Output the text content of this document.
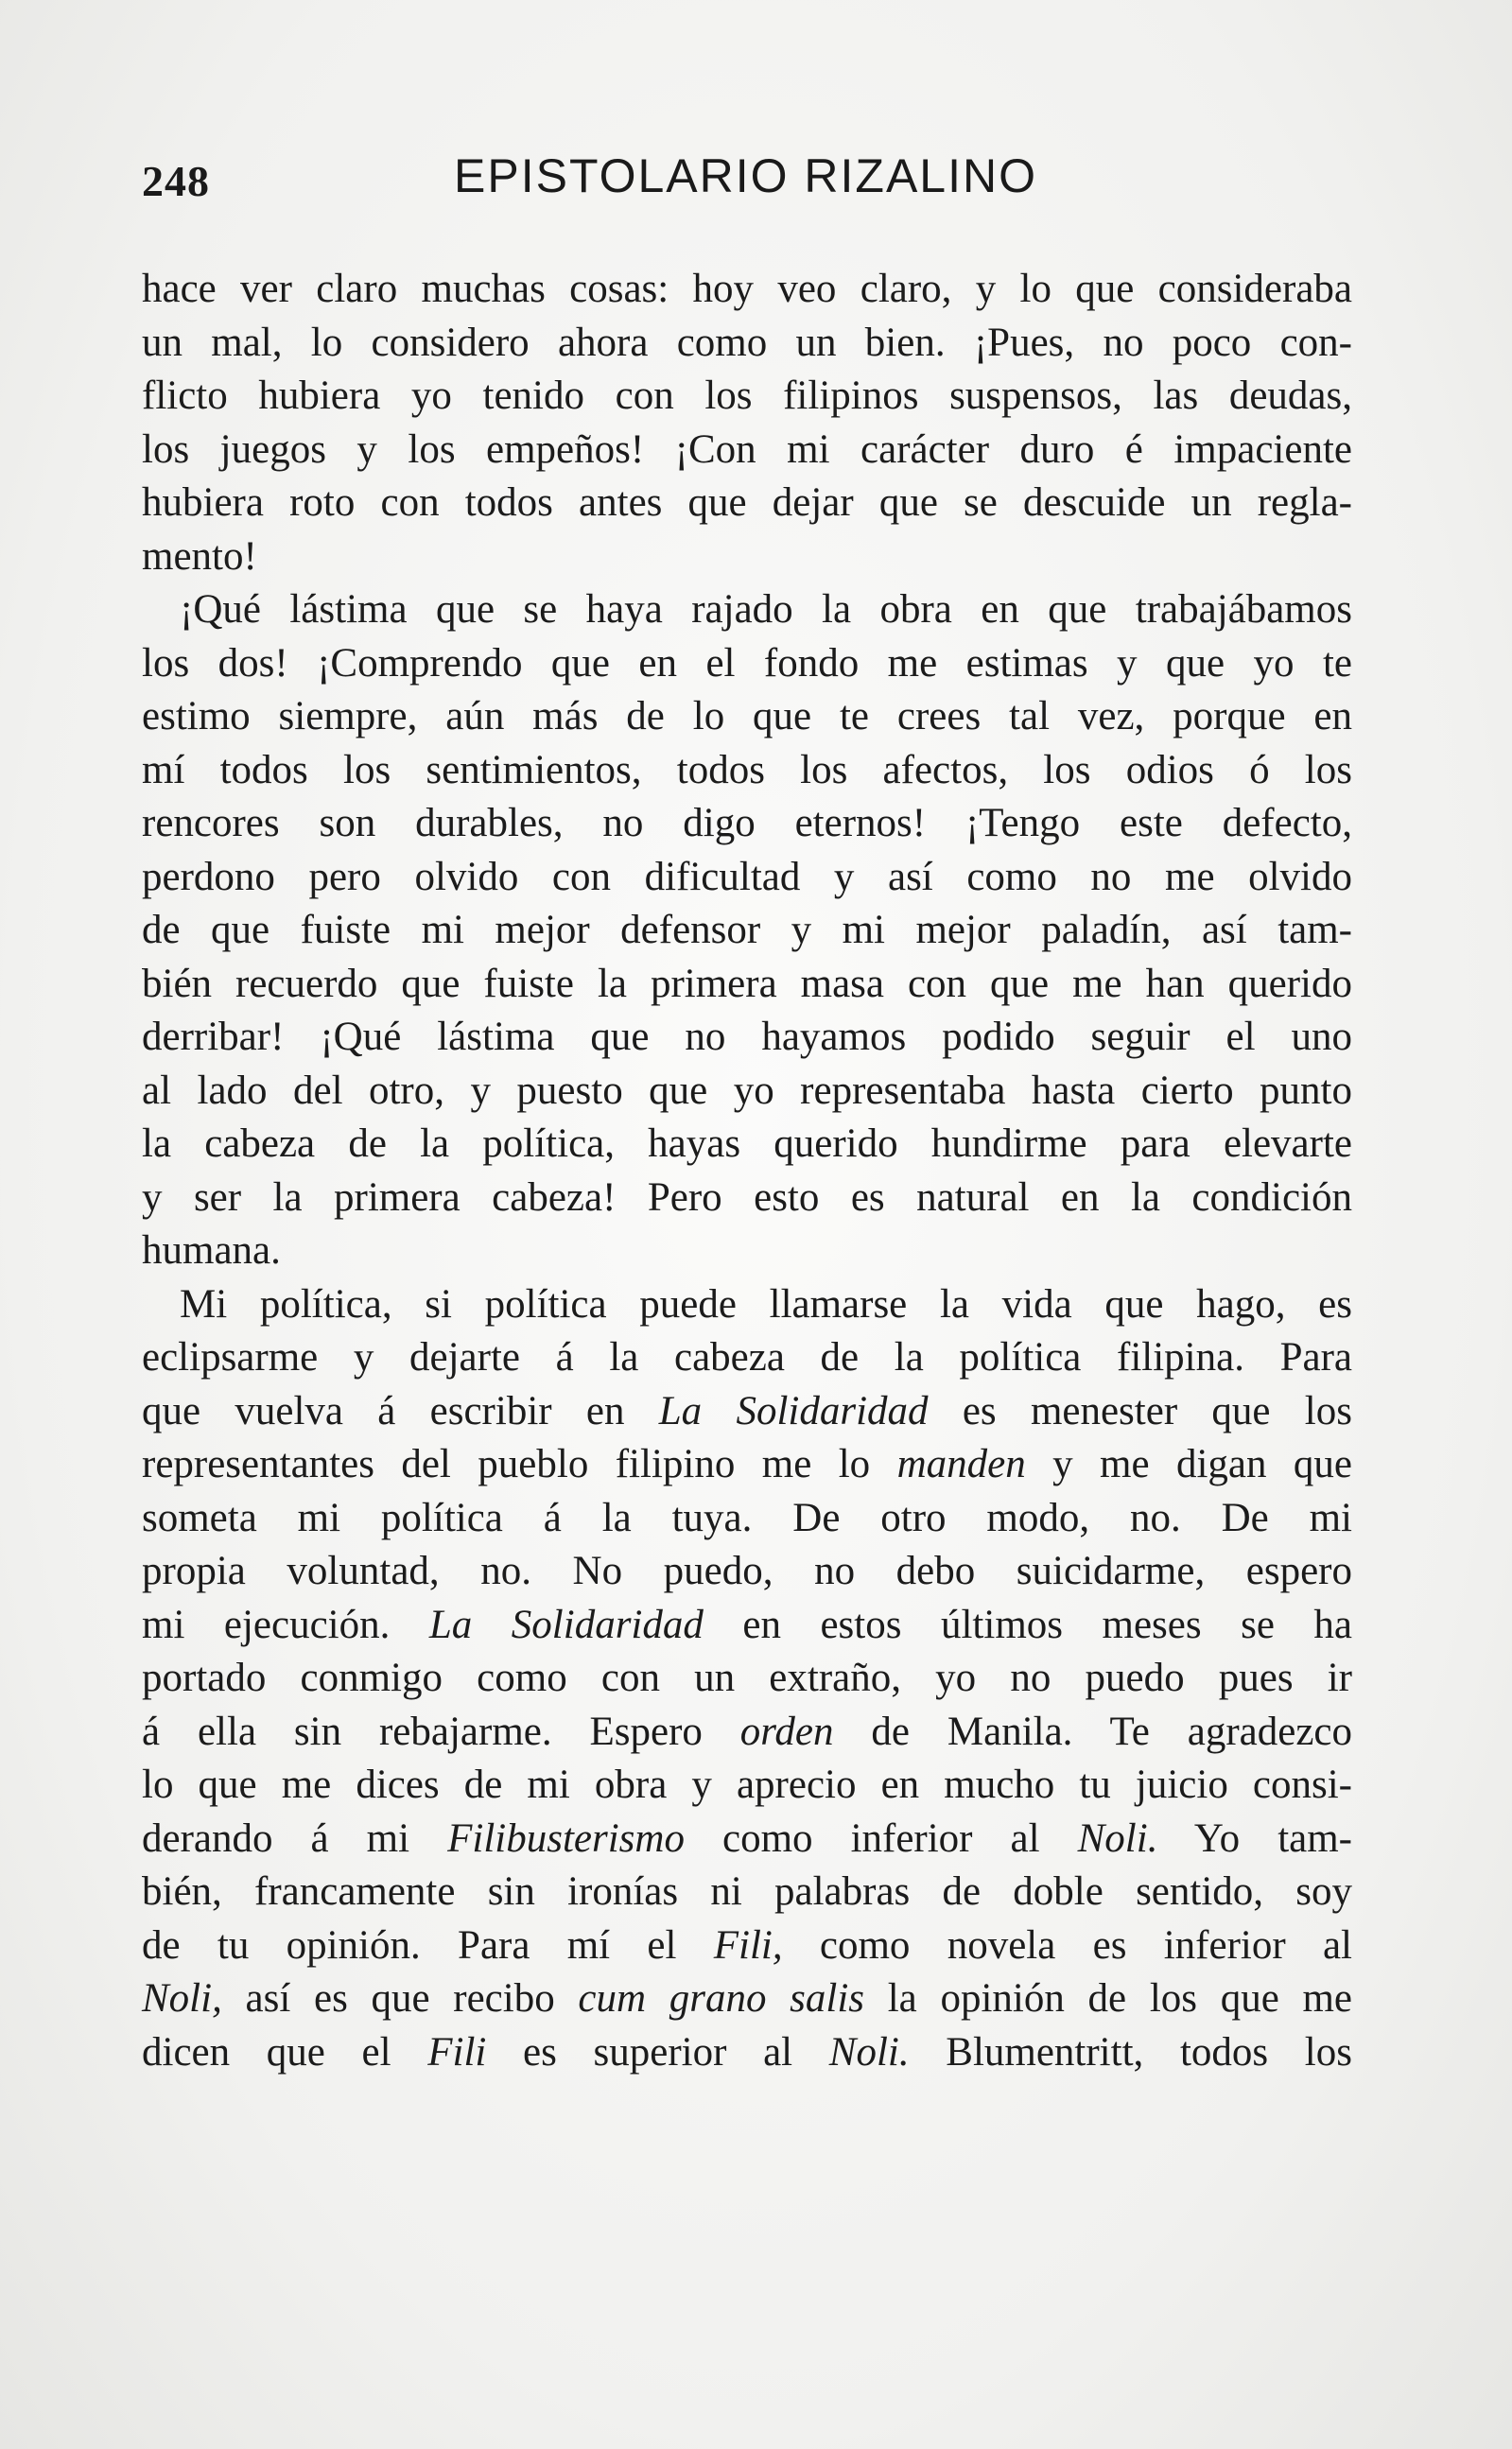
248	EPISTOLARIO RIZALINO
hace ver claro muchas cosas: hoy veo claro, y lo que consideraba
un mal, lo considero ahora como un bien. ¡Pues, no poco con-
flicto hubiera yo tenido con los filipinos suspensos, las deudas,
los juegos y los empeños! ¡Con mi carácter duro é impaciente
hubiera roto con todos antes que dejar que se descuide un regla-
mento!
¡Qué lástima que se haya rajado la obra en que trabajábamos
los dos! ¡Comprendo que en el fondo me estimas y que yo te
estimo siempre, aún más de lo que te crees tal vez, porque en
mí todos los sentimientos, todos los afectos, los odios ó los
rencores son durables, no digo eternos! ¡Tengo este defecto,
perdono pero olvido con dificultad y así como no me olvido
de que fuiste mi mejor defensor y mi mejor paladín, así tam-
bién recuerdo que fuiste la primera masa con que me han querido
derribar! ¡Qué lástima que no hayamos podido seguir el uno
al lado del otro, y puesto que yo representaba hasta cierto punto
la cabeza de la política, hayas querido hundirme para elevarte
y ser la primera cabeza! Pero esto es natural en la condición
humana.
Mi política, si política puede llamarse la vida que hago, es
eclipsarme y dejarte á la cabeza de la política filipina. Para
que vuelva á escribir en La Solidaridad es menester que los
representantes del pueblo filipino me lo manden y me digan que
someta mi política á la tuya. De otro modo, no. De mi
propia voluntad, no. No puedo, no debo suicidarme, espero
mi ejecución. La Solidaridad en estos últimos meses se ha
portado conmigo como con un extraño, yo no puedo pues ir
á ella sin rebajarme. Espero orden de Manila. Te agradezco
lo que me dices de mi obra y aprecio en mucho tu juicio consi-
derando á mi Filibusterismo como inferior al Noli. Yo tam-
bién, francamente sin ironías ni palabras de doble sentido, soy
de tu opinión. Para mí el Fili, como novela es inferior al
Noli, así es que recibo cum grano salis la opinión de los que me
dicen que el Fili es superior al Noli. Blumentritt, todos los
